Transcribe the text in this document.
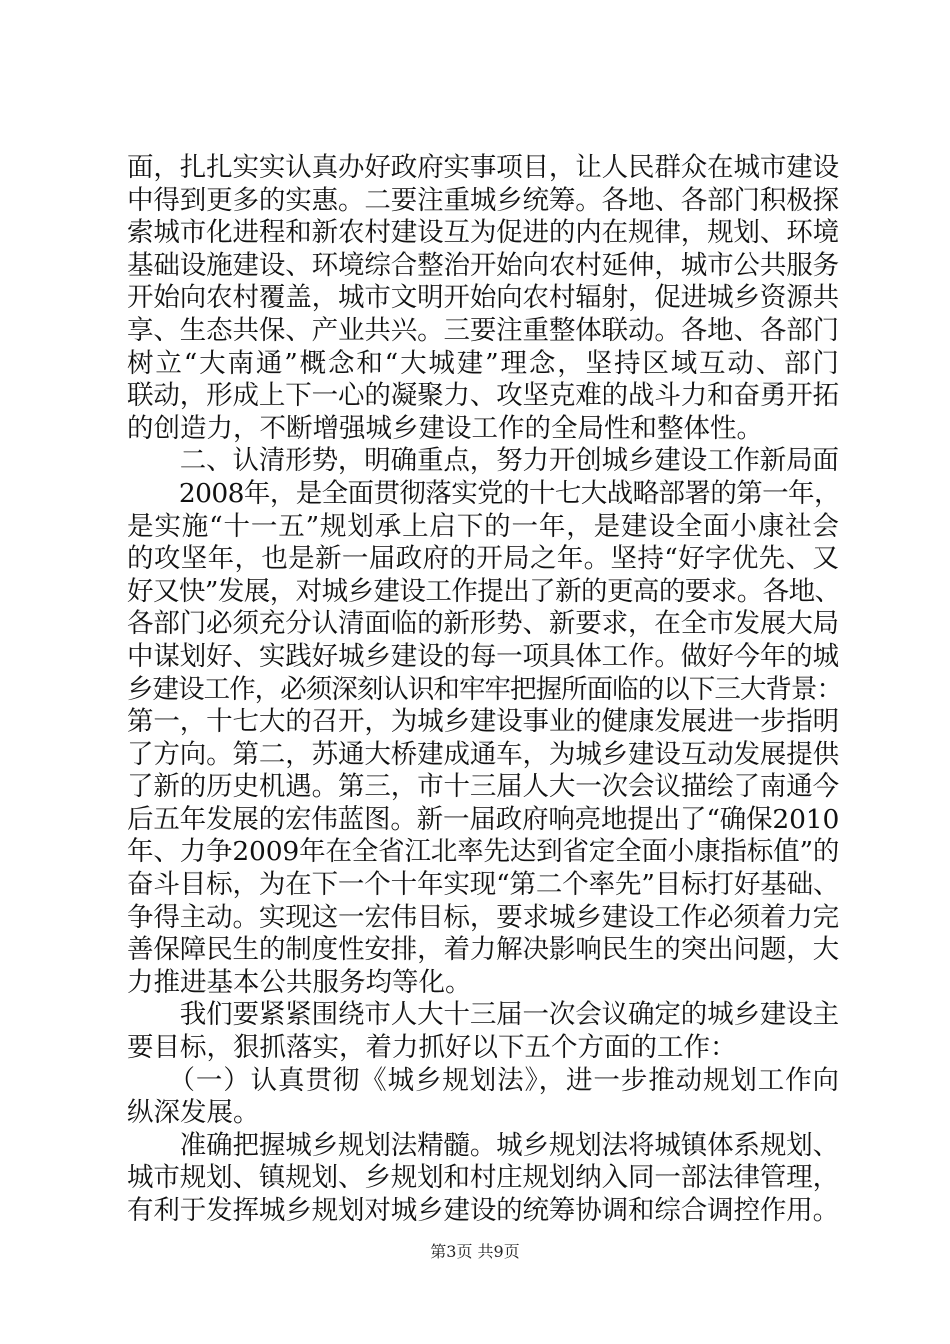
面，扎扎实实认真办好政府实事项目，让人民群众在城市建设
中得到更多的实惠。二要注重城乡统筹。各地、各部门积极探
索城市化进程和新农村建设互为促进的内在规律，规划、环境
基础设施建设、环境综合整治开始向农村延伸，城市公共服务
开始向农村覆盖，城市文明开始向农村辐射，促进城乡资源共
享、生态共保、产业共兴。三要注重整体联动。各地、各部门
树立“大南通”概念和“大城建”理念，坚持区域互动、部门
联动，形成上下一心的凝聚力、攻坚克难的战斗力和奋勇开拓
的创造力，不断增强城乡建设工作的全局性和整体性。
　　二、认清形势，明确重点，努力开创城乡建设工作新局面
　　2008年，是全面贯彻落实党的十七大战略部署的第一年，
是实施“十一五”规划承上启下的一年，是建设全面小康社会
的攻坚年，也是新一届政府的开局之年。坚持“好字优先、又
好又快”发展，对城乡建设工作提出了新的更高的要求。各地、
各部门必须充分认清面临的新形势、新要求，在全市发展大局
中谋划好、实践好城乡建设的每一项具体工作。做好今年的城
乡建设工作，必须深刻认识和牢牢把握所面临的以下三大背景：
第一，十七大的召开，为城乡建设事业的健康发展进一步指明
了方向。第二，苏通大桥建成通车，为城乡建设互动发展提供
了新的历史机遇。第三，市十三届人大一次会议描绘了南通今
后五年发展的宏伟蓝图。新一届政府响亮地提出了“确保2010
年、力争2009年在全省江北率先达到省定全面小康指标值”的
奋斗目标，为在下一个十年实现“第二个率先”目标打好基础、
争得主动。实现这一宏伟目标，要求城乡建设工作必须着力完
善保障民生的制度性安排，着力解决影响民生的突出问题，大
力推进基本公共服务均等化。
　　我们要紧紧围绕市人大十三届一次会议确定的城乡建设主
要目标，狠抓落实，着力抓好以下五个方面的工作：
　　（一）认真贯彻《城乡规划法》，进一步推动规划工作向
纵深发展。
　　准确把握城乡规划法精髓。城乡规划法将城镇体系规划、
城市规划、镇规划、乡规划和村庄规划纳入同一部法律管理，
有利于发挥城乡规划对城乡建设的统筹协调和综合调控作用。
第3页 共9页
